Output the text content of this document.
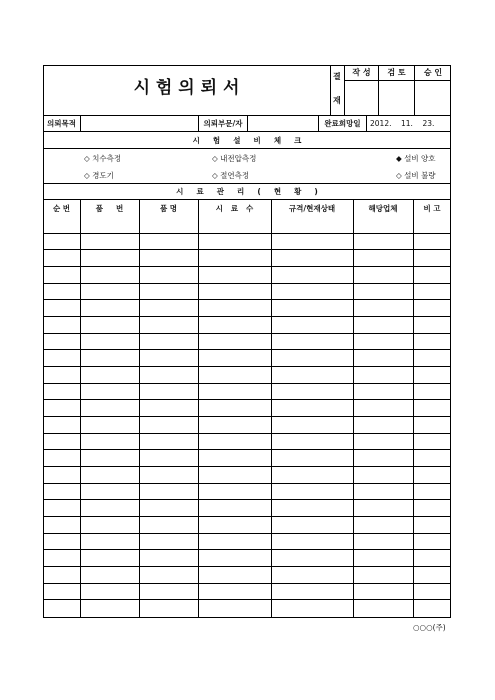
시 험 의 뢰 서
결
재
작 성	검 토	승 인
의뢰목적	의뢰부문/자	완료희망일	2012.    11.    23.
시     험     설     비     체     크
◇ 치수측정	◇ 내전압측정	◆ 설비 양호
◇ 경도기	◇ 절연측정	◇ 설비 불량
시     료     관     리     (     현     황     )
○○○(주)
순 번	품     번	품 명	시   료   수	규격/현재상태	해당업체	비 고
